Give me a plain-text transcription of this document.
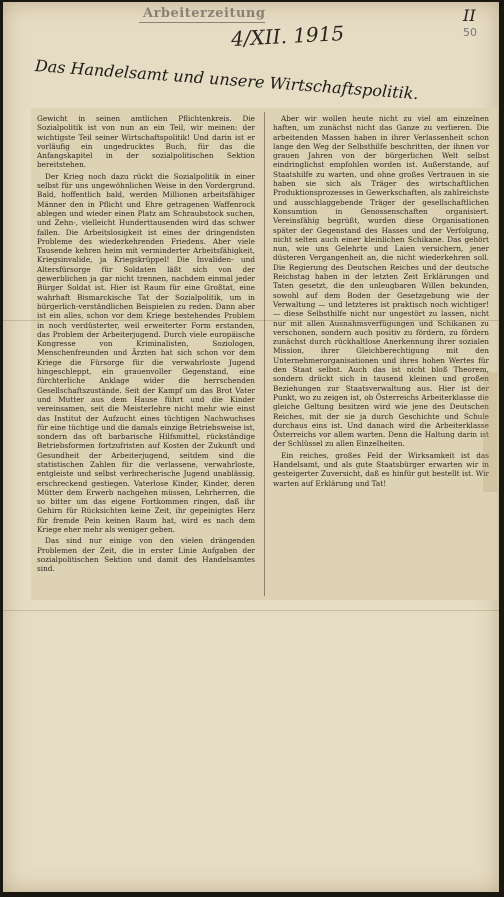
Arbeiterzeitung
4/XII. 1915
II
50
Das Handelsamt und unsere Wirtschaftspolitik.

Gewicht in seinen amtlichen Pflichtenkreis. Die Sozialpolitik ist von nun an ein Teil, wir meinen: der wichtigste Teil seiner Wirtschaftspolitik! Und darin ist er vorläufig ein ungedrucktes Buch, für das die Anfangskapitel in der sozialpolitischen Sektion bereitstehen.

Der Krieg noch dazu rückt die Sozialpolitik in einer selbst für uns ungewöhnlichen Weise in den Vordergrund. Bald, hoffentlich bald, werden Millionen arbeitsfähiger Männer den in Pflicht und Ehre getragenen Waffenrock ablegen und wieder einen Platz am Schraubstock suchen, und Zehn-, vielleicht Hunderttausenden wird das schwer fallen. Die Arbeitslosigkeit ist eines der dringendsten Probleme des wiederkehrenden Friedens. Aber viele Tausende kehren heim mit verminderter Arbeitsfähigkeit, Kriegsinvalide, ja Kriegskrüppel! Die Invaliden- und Altersfürsorge für Soldaten läßt sich von der gewerblichen ja gar nicht trennen, nachdem einmal jeder Bürger Soldat ist. Hier ist Raum für eine Großtat, eine wahrhaft Bismarckische Tat der Sozialpolitik, um in bürgerlich-verständlichen Beispielen zu reden. Dann aber ist ein alles, schon vor dem Kriege bestehendes Problem in noch verdüsterter, weil erweiterter Form erstanden, das Problem der Arbeiterjugend. Durch viele europäische Kongresse von Kriminalisten, Soziologen, Menschenfreunden und Ärzten hat sich schon vor dem Kriege die Fürsorge für die verwahrloste Jugend hingeschleppt, ein grauenvoller Gegenstand, eine fürchterliche Anklage wider die herrschenden Gesellschaftszustände. Seit der Kampf um das Brot Vater und Mutter aus dem Hause führt und die Kinder vereinsamen, seit die Meisterlehre nicht mehr wie einst das Institut der Aufzucht eines tüchtigen Nachwuchses für eine tüchtige und die damals einzige Betriebsweise ist, sondern das oft barbarische Hilfsmittel, rückständige Betriebsformen fortzufristen auf Kosten der Zukunft und Gesundheit der Arbeiterjugend, seitdem sind die statistischen Zahlen für die verlassene, verwahrloste, entgleiste und selbst verbrecherische Jugend unablässig, erschreckend gestiegen. Vaterlose Kinder, Kinder, deren Mütter dem Erwerb nachgehen müssen, Lehrherren, die so bitter um das eigene Fortkommen ringen, daß ihr Gehirn für Rücksichten keine Zeit, ihr gepeinigtes Herz für fremde Pein keinen Raum hat, wird es nach dem Kriege eher mehr als weniger geben.

Das sind nur einige von den vielen drängenden Problemen der Zeit, die in erster Linie Aufgaben der sozialpolitischen Sektion und damit des Handelsamtes sind.

Aber wir wollen heute nicht zu viel am einzelnen haften, um zunächst nicht das Ganze zu verlieren. Die arbeitenden Massen haben in ihrer Verlassenheit schon lange den Weg der Selbsthilfe beschritten, der ihnen vor grauen Jahren von der bürgerlichen Welt selbst eindringlichst empfohlen worden ist. Außerstande, auf Staatshilfe zu warten, und ohne großes Vertrauen in sie haben sie sich als Träger des wirtschaftlichen Produktionsprozesses in Gewerkschaften, als zahlreichste und ausschlaggebende Träger der gesellschaftlichen Konsumtion in Genossenschaften organisiert. Vereinsfähig begrüßt, wurden diese Organisationen später der Gegenstand des Hasses und der Verfolgung, nicht selten auch einer kleinlichen Schikane. Das gehört nun, wie uns Gelehrte und Laien versichern, jener düsteren Vergangenheit an, die nicht wiederkehren soll. Die Regierung des Deutschen Reiches und der deutsche Reichstag haben in der letzten Zeit Erklärungen und Taten gesetzt, die den unleugbaren Willen bekunden, sowohl auf dem Boden der Gesetzgebung wie der Verwaltung — und letzteres ist praktisch noch wichtiger! — diese Selbsthilfe nicht nur ungestört zu lassen, nicht nur mit allen Ausnahmsverfügungen und Schikanen zu verschonen, sondern auch positiv zu fördern, zu fördern zunächst durch rückhaltlose Anerkennung ihrer sozialen Mission, ihrer Gleichberechtigung mit den Unternehmerorganisationen und ihres hohen Wertes für den Staat selbst. Auch das ist nicht bloß Theorem, sondern drückt sich in tausend kleinen und großen Beziehungen zur Staatsverwaltung aus. Hier ist der Punkt, wo zu zeigen ist, ob Österreichs Arbeiterklasse die gleiche Geltung besitzen wird wie jene des Deutschen Reiches, mit der sie ja durch Geschichte und Schule durchaus eins ist. Und danach wird die Arbeiterklasse Österreichs vor allem warten. Denn die Haltung darin ist der Schlüssel zu allen Einzelheiten.

Ein reiches, großes Feld der Wirksamkeit ist das Handelsamt, und als gute Staatsbürger erwarten wir in gesteigerter Zuversicht, daß es hinfür gut bestellt ist. Wir warten auf Erklärung und Tat!
